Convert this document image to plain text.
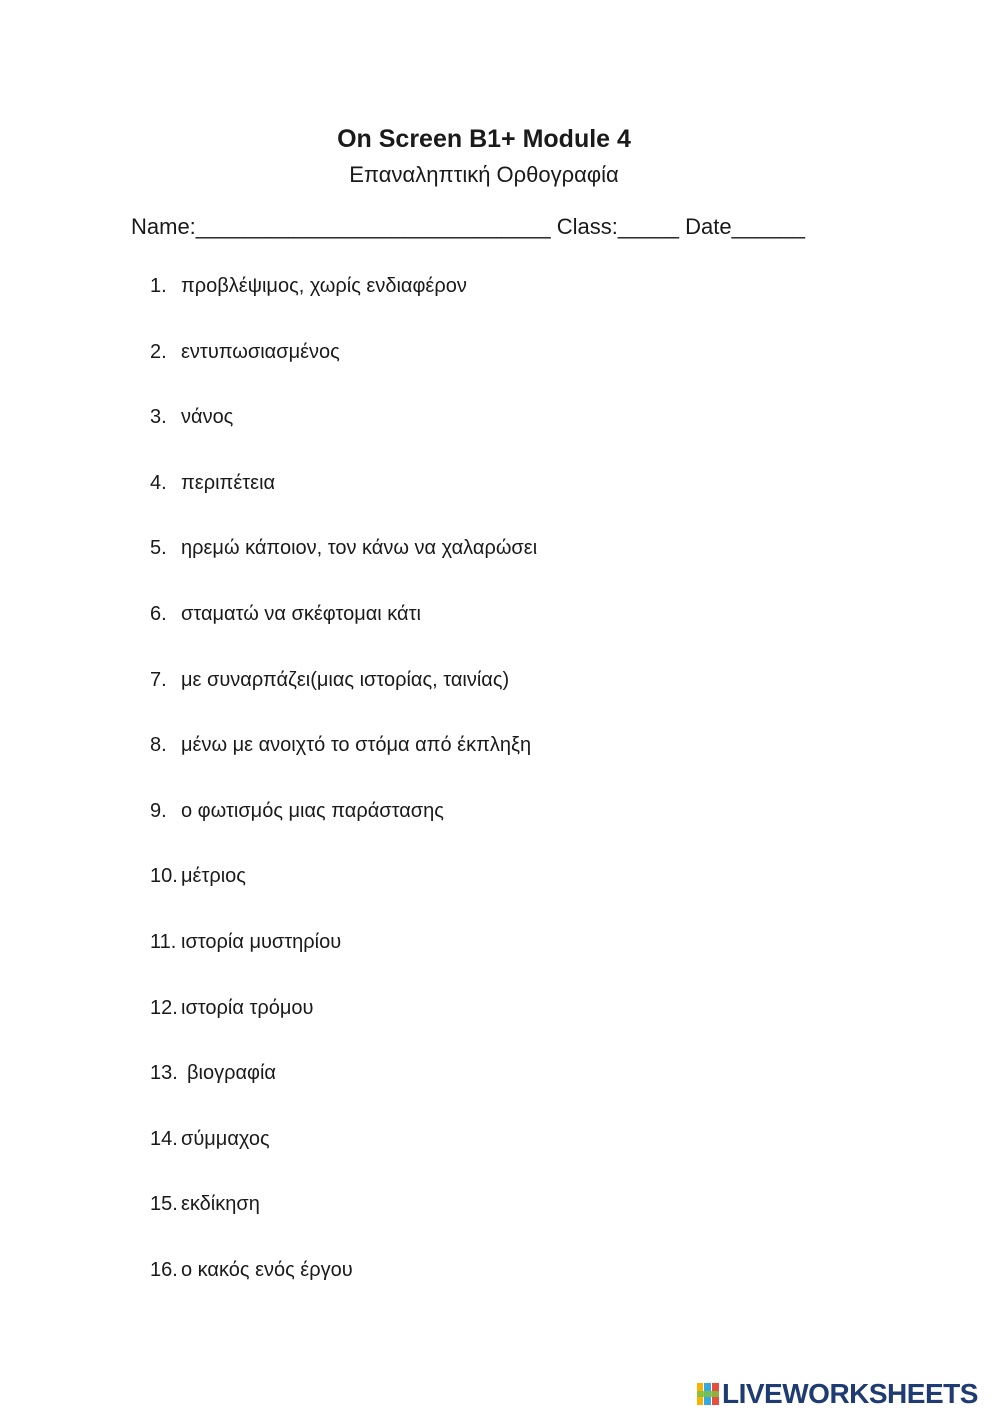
On Screen B1+ Module 4
Επαναληπτική Ορθογραφία
Name:_____________________________ Class:_____ Date______
1. προβλέψιμος, χωρίς ενδιαφέρον
2. εντυπωσιασμένος
3. νάνος
4. περιπέτεια
5. ηρεμώ κάποιον, τον κάνω να χαλαρώσει
6. σταματώ να σκέφτομαι κάτι
7. με συναρπάζει(μιας ιστορίας, ταινίας)
8. μένω με ανοιχτό το στόμα από έκπληξη
9. ο φωτισμός μιας παράστασης
10. μέτριος
11. ιστορία μυστηρίου
12. ιστορία τρόμου
13. βιογραφία
14. σύμμαχος
15. εκδίκηση
16. ο κακός ενός έργου
LIVEWORKSHEETS
